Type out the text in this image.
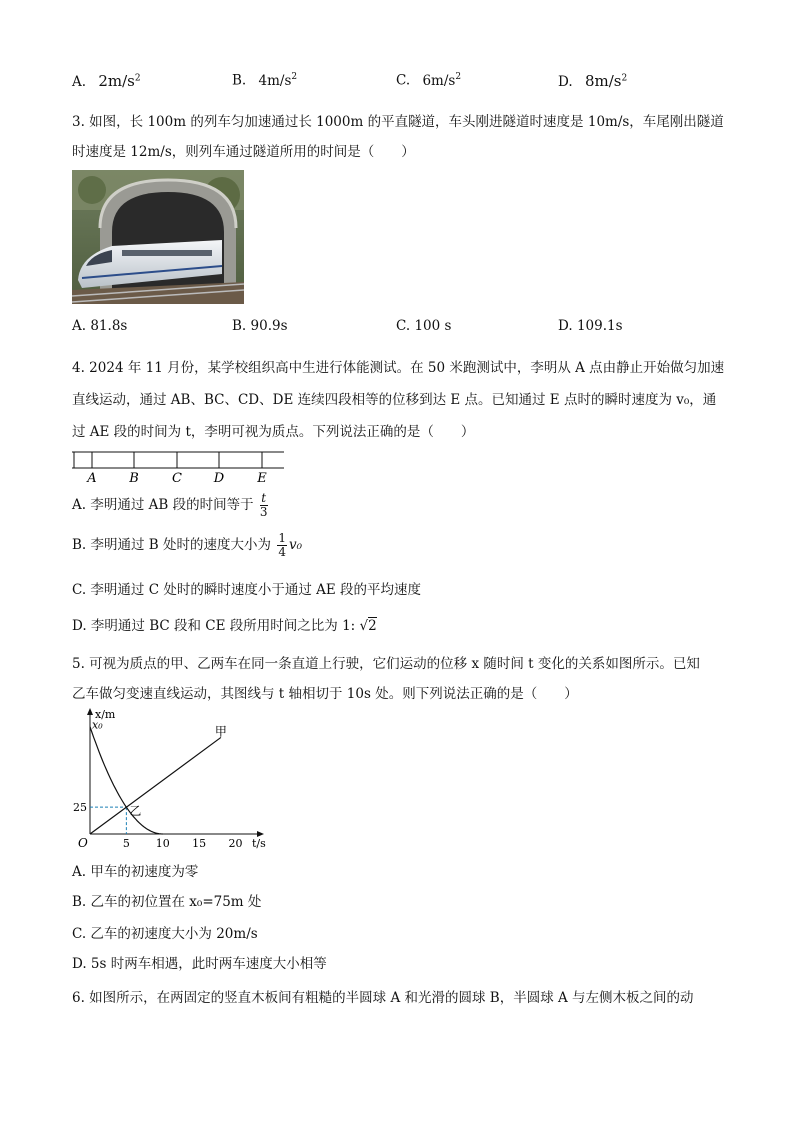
A. $2m/s^2$	B. $4m/s^2$	C. $6m/s^2$	D. $8m/s^2$
3. 如图，长 100m 的列车匀加速通过长 1000m 的平直隧道，车头刚进隧道时速度是 10m/s，车尾刚出隧道
时速度是 12m/s，则列车通过隧道所用的时间是（　　）
A. 81.8s	B. 90.9s	C. 100 s	D. 109.1s
4. 2024 年 11 月份，某学校组织高中生进行体能测试。在 50 米跑测试中，李明从 A 点由静止开始做匀加速
直线运动，通过 AB、BC、CD、DE 连续四段相等的位移到达 E 点。已知通过 E 点时的瞬时速度为 v₀，通
过 AE 段的时间为 t，李明可视为质点。下列说法正确的是（　　）
A	B	C D	E
A. 李明通过 AB 段的时间等于 $\frac{t}{3}$
B. 李明通过 B 处时的速度大小为 $\frac{1}{4} v_0$
C. 李明通过 C 处时的瞬时速度小于通过 AE 段的平均速度
D. 李明通过 BC 段和 CE 段所用时间之比为 1: √2
5. 可视为质点的甲、乙两车在同一条直道上行驶，它们运动的位移 x 随时间 t 变化的关系如图所示。已知
乙车做匀变速直线运动，其图线与 t 轴相切于 10s 处。则下列说法正确的是（　　）
x/m
t/s
O
x₀
25
5 10 15 20
甲
乙
A. 甲车的初速度为零
B. 乙车的初位置在 x₀=75m 处
C. 乙车的初速度大小为 20m/s
D. 5s 时两车相遇，此时两车速度大小相等
6. 如图所示，在两固定的竖直木板间有粗糙的半圆球 A 和光滑的圆球 B，半圆球 A 与左侧木板之间的动
